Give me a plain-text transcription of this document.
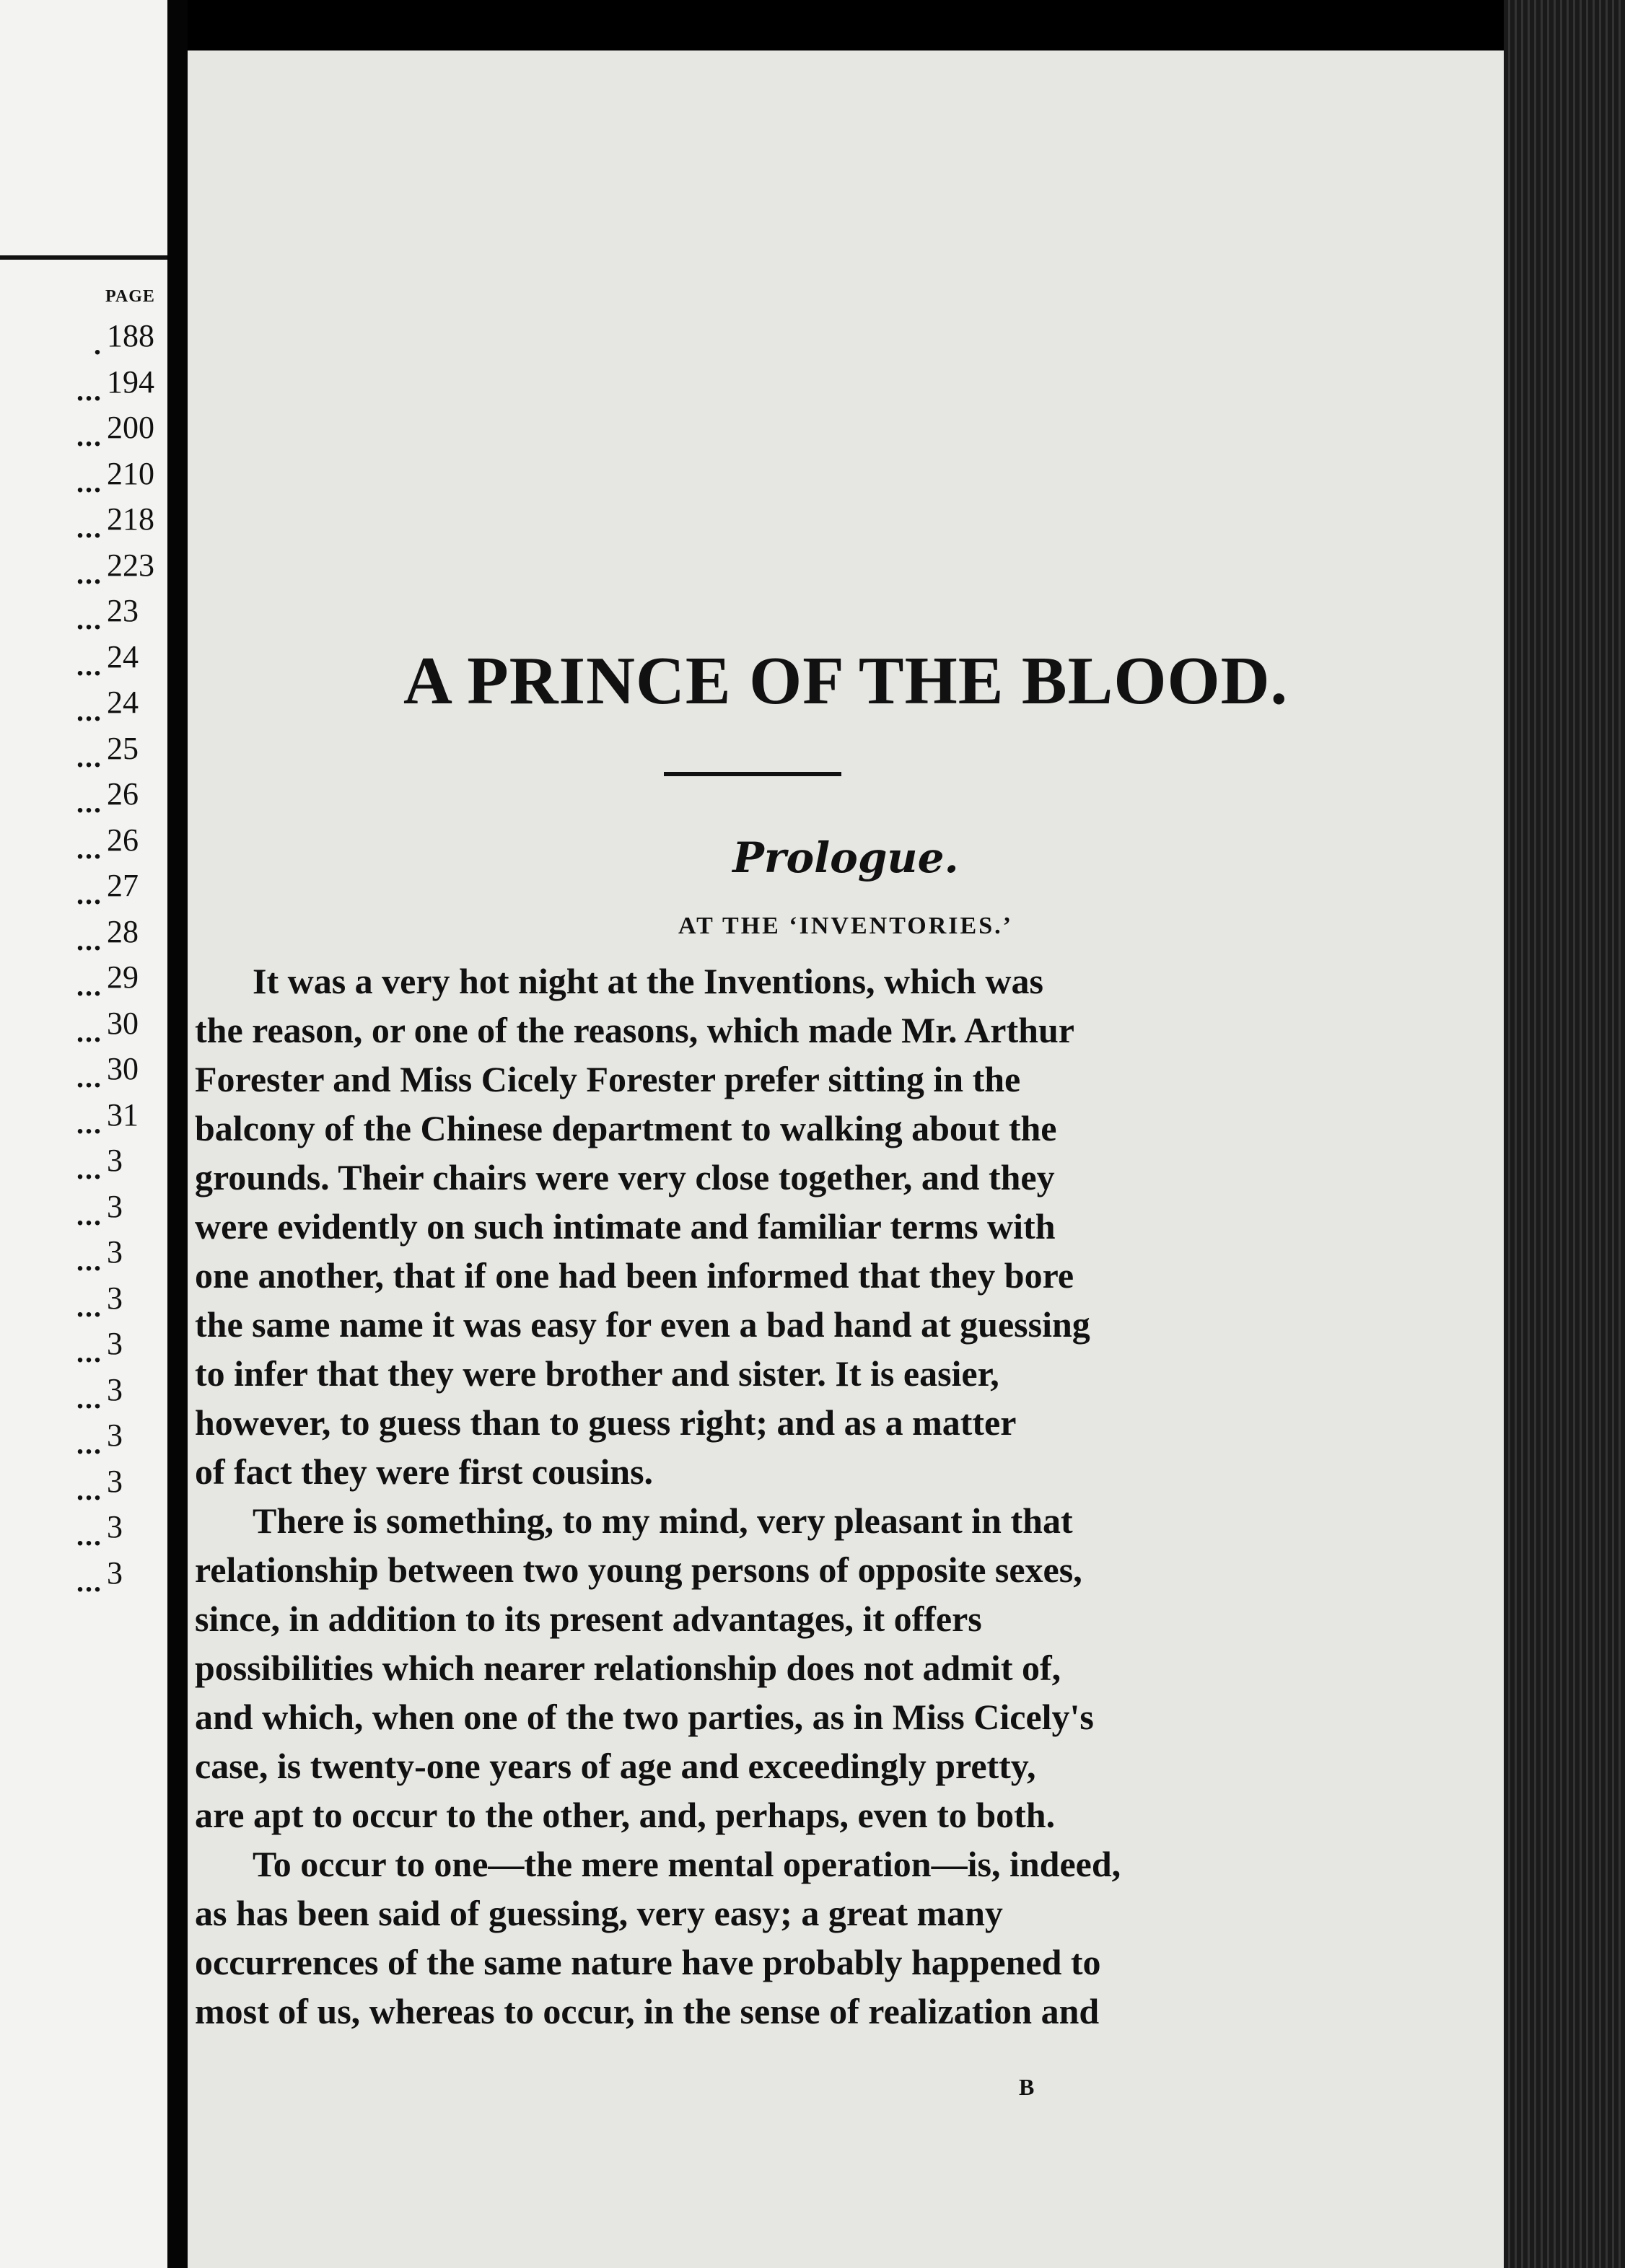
PAGE
. 188
... 194
... 200
... 210
... 218
... 223
... 23
... 24
... 24
... 25
... 26
... 26
... 27
... 28
... 29
... 30
... 30
... 31
... 3
... 3
... 3
... 3
... 3
... 3
... 3
... 3
... 3
... 3
A PRINCE OF THE BLOOD.
Prologue.
AT THE ‘INVENTORIES.’
It was a very hot night at the Inventions, which was
the reason, or one of the reasons, which made Mr. Arthur
Forester and Miss Cicely Forester prefer sitting in the
balcony of the Chinese department to walking about the
grounds. Their chairs were very close together, and they
were evidently on such intimate and familiar terms with
one another, that if one had been informed that they bore
the same name it was easy for even a bad hand at guessing
to infer that they were brother and sister. It is easier,
however, to guess than to guess right; and as a matter
of fact they were first cousins.
There is something, to my mind, very pleasant in that
relationship between two young persons of opposite sexes,
since, in addition to its present advantages, it offers
possibilities which nearer relationship does not admit of,
and which, when one of the two parties, as in Miss Cicely's
case, is twenty-one years of age and exceedingly pretty,
are apt to occur to the other, and, perhaps, even to both.
To occur to one—the mere mental operation—is, indeed,
as has been said of guessing, very easy; a great many
occurrences of the same nature have probably happened to
most of us, whereas to occur, in the sense of realization and
B
